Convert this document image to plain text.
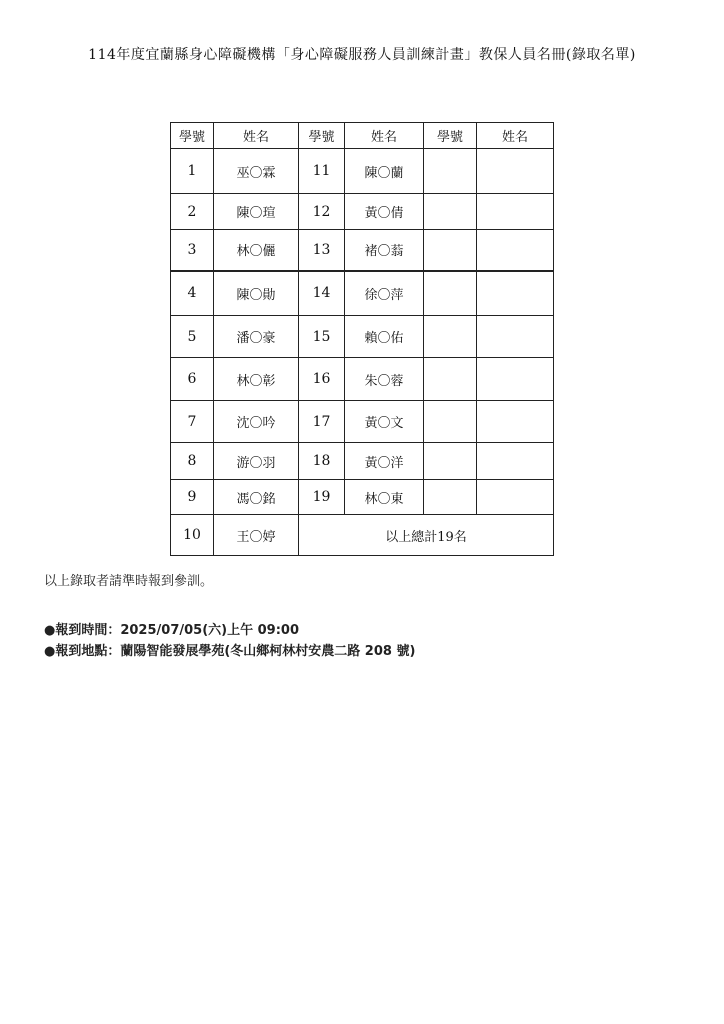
114年度宜蘭縣身心障礙機構「身心障礙服務人員訓練計畫」教保人員名冊(錄取名單)
學號	姓名	學號	姓名	學號	姓名
1	巫〇霖	11	陳〇蘭		
2	陳〇瑄	12	黃〇倩		
3	林〇儷	13	褚〇蓊		
4	陳〇勛	14	徐〇萍		
5	潘〇豪	15	賴〇佑		
6	林〇彰	16	朱〇蓉		
7	沈〇吟	17	黃〇文		
8	游〇羽	18	黃〇洋		
9	馮〇銘	19	林〇東		
10	王〇婷	以上總計19名			
以上錄取者請準時報到參訓。
●報到時間：2025/07/05(六)上午 09:00
●報到地點：蘭陽智能發展學苑(冬山鄉柯林村安農二路 208 號)
